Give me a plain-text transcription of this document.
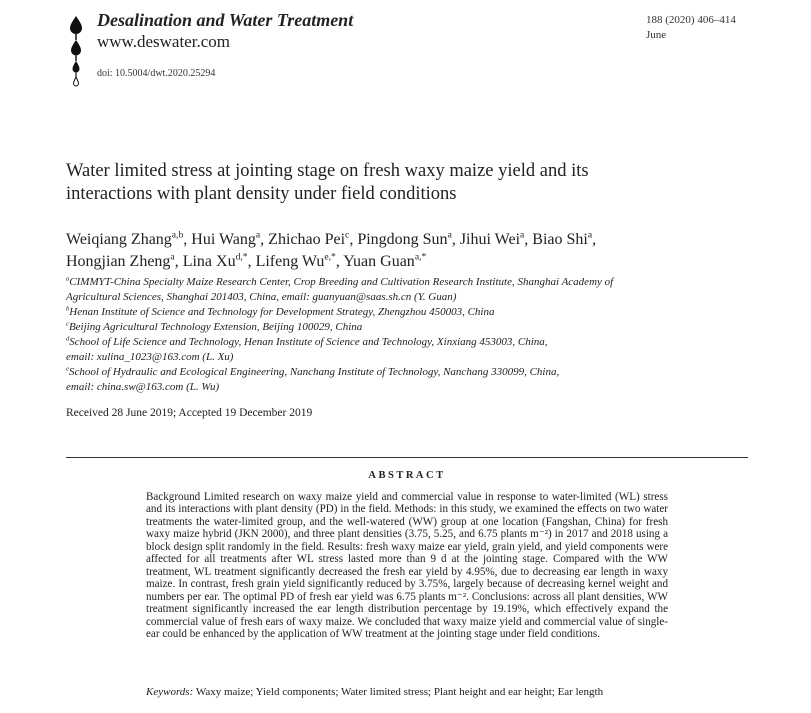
Desalination and Water Treatment
www.deswater.com
doi: 10.5004/dwt.2020.25294
188 (2020) 406–414
June
Water limited stress at jointing stage on fresh waxy maize yield and its
interactions with plant density under field conditions
Weiqiang Zhang$^{a,b}$, Hui Wang$^a$, Zhichao Pei$^c$, Pingdong Sun$^a$, Jihui Wei$^a$, Biao Shi$^a$,
Hongjian Zheng$^a$, Lina $Xu^{d,*}$, Lifeng $Wu^{e,*}$, Yuan Guan$^{a,*}$
$^a$CIMMYT-China Specialty Maize Research Center, Crop Breeding and Cultivation Research Institute, Shanghai Academy of
Agricultural Sciences, Shanghai 201403, China, email: guanyuan@saas.sh.cn (Y. Guan)
$^b$Henan Institute of Science and Technology for Development Strategy, Zhengzhou 450003, China
$^c$Beijing Agricultural Technology Extension, Beijing 100029, China
$^d$School of Life Science and Technology, Henan Institute of Science and Technology, Xinxiang 453003, China,
email: xulina_1023@163.com (L. Xu)
$^e$School of Hydraulic and Ecological Engineering, Nanchang Institute of Technology, Nanchang 330099, China,
email: china.sw@163.com (L. Wu)
Received 28 June 2019; Accepted 19 December 2019
ABSTRACT
Background Limited research on waxy maize yield and commercial value in response to water-limited (WL) stress and its interactions with plant density (PD) in the field. Methods: in this study, we examined the effects on two water treatments the water-limited group, and the well-watered (WW) group at one location (Fangshan, China) for fresh waxy maize hybrid (JKN 2000), and three plant densities (3.75, 5.25, and 6.75 plants m⁻²) in 2017 and 2018 using a block design split randomly in the field. Results: fresh waxy maize ear yield, grain yield, and yield components were affected for all treatments after WL stress lasted more than 9 d at the jointing stage. Compared with the WW treatment, WL treatment significantly decreased the fresh ear yield by 4.95%, due to decreasing ear length in waxy maize. In contrast, fresh grain yield significantly reduced by 3.75%, largely because of decreasing kernel weight and numbers per ear. The optimal PD of fresh ear yield was 6.75 plants m⁻². Conclusions: across all plant densities, WW treatment significantly increased the ear length distribution percentage by 19.19%, which effectively expand the commercial value of fresh ears of waxy maize. We concluded that waxy maize yield and commercial value of single-ear could be enhanced by the application of WW treatment at the jointing stage under field conditions.
Keywords: Waxy maize; Yield components; Water limited stress; Plant height and ear height; Ear length
